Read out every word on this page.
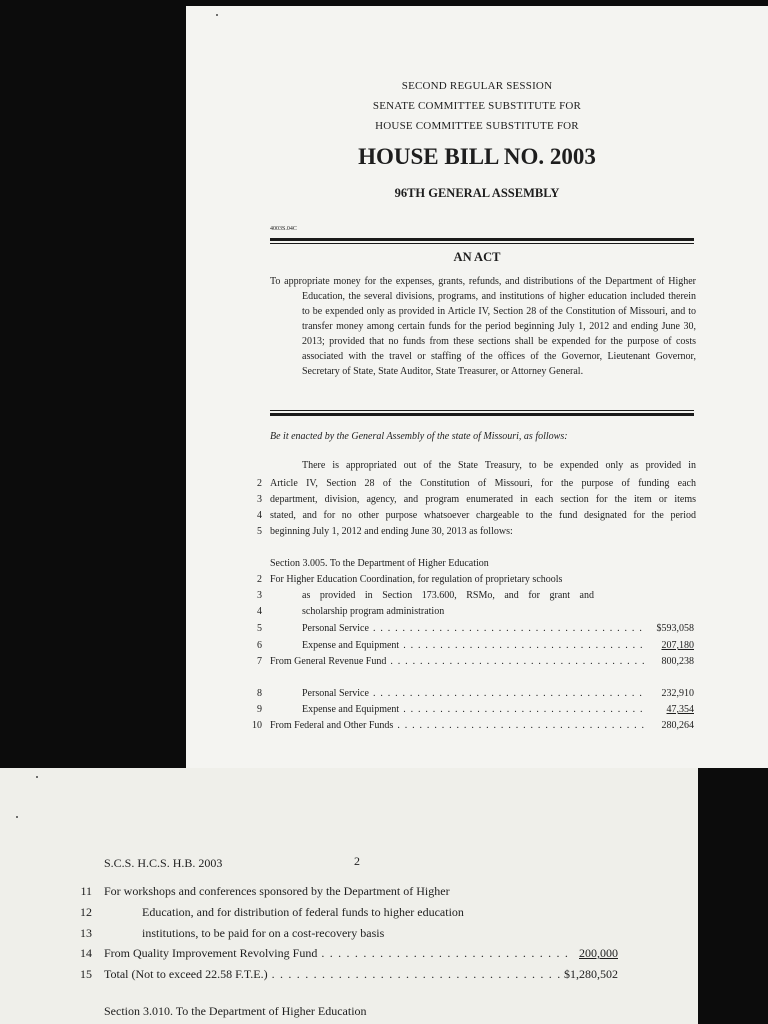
SECOND REGULAR SESSION
SENATE COMMITTEE SUBSTITUTE FOR
HOUSE COMMITTEE SUBSTITUTE FOR
HOUSE BILL NO. 2003
96TH GENERAL ASSEMBLY
4003S.04C
AN ACT

To appropriate money for the expenses, grants, refunds, and distributions of the Department of Higher Education, the several divisions, programs, and institutions of higher education included therein to be expended only as provided in Article IV, Section 28 of the Constitution of Missouri, and to transfer money among certain funds for the period beginning July 1, 2012 and ending June 30, 2013; provided that no funds from these sections shall be expended for the purpose of costs associated with the travel or staffing of the offices of the Governor, Lieutenant Governor, Secretary of State, State Auditor, State Treasurer, or Attorney General.

Be it enacted by the General Assembly of the state of Missouri, as follows:
There is appropriated out of the State Treasury, to be expended only as provided in
2 Article IV, Section 28 of the Constitution of Missouri, for the purpose of funding each
3 department, division, agency, and program enumerated in each section for the item or items
4 stated, and for no other purpose whatsoever chargeable to the fund designated for the period
5 beginning July 1, 2012 and ending June 30, 2013 as follows:
Section 3.005. To the Department of Higher Education
2 For Higher Education Coordination, for regulation of proprietary schools
3	as provided in Section 173.600, RSMo, and for grant and
4	scholarship program administration
5	Personal Service . . .	$593,058
6	Expense and Equipment . . .	207,180
7 From General Revenue Fund . . .	800,238
8	Personal Service . . .	232,910
9	Expense and Equipment . . .	47,354
10 From Federal and Other Funds . . .	280,264
S.C.S. H.C.S. H.B. 2003	2
11 For workshops and conferences sponsored by the Department of Higher
12	Education, and for distribution of federal funds to higher education
13	institutions, to be paid for on a cost-recovery basis
14 From Quality Improvement Revolving Fund . . .	200,000
15 Total (Not to exceed 22.58 F.T.E.) . . .	$1,280,502
Section 3.010. To the Department of Higher Education
